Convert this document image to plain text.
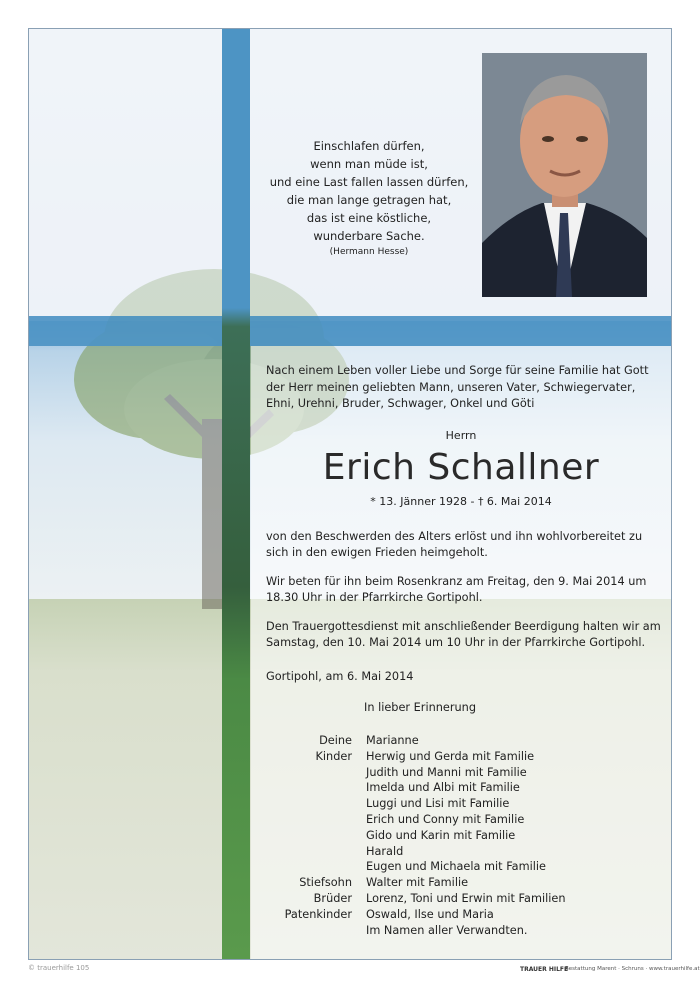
Einschlafen dürfen,
wenn man müde ist,
und eine Last fallen lassen dürfen,
die man lange getragen hat,
das ist eine köstliche,
wunderbare Sache.
(Hermann Hesse)
Nach einem Leben voller Liebe und Sorge für seine Familie hat Gott der Herr meinen geliebten Mann, unseren Vater, Schwiegervater, Ehni, Urehni, Bruder, Schwager, Onkel und Göti
Herrn
Erich Schallner
* 13. Jänner 1928 - † 6. Mai 2014
von den Beschwerden des Alters erlöst und ihn wohlvorbereitet zu sich in den ewigen Frieden heimgeholt.
Wir beten für ihn beim Rosenkranz am Freitag, den 9. Mai 2014 um 18.30 Uhr in der Pfarrkirche Gortipohl.
Den Trauergottesdienst mit anschließender Beerdigung halten wir am Samstag, den 10. Mai 2014 um 10 Uhr in der Pfarrkirche Gortipohl.
Gortipohl, am 6. Mai 2014
In lieber Erinnerung
Deine	Marianne
Kinder	Herwig und Gerda mit Familie
Judith und Manni mit Familie
Imelda und Albi mit Familie
Luggi und Lisi mit Familie
Erich und Conny mit Familie
Gido und Karin mit Familie
Harald
Eugen und Michaela mit Familie
Stiefsohn	Walter mit Familie
Brüder	Lorenz, Toni und Erwin mit Familien
Patenkinder	Oswald, Ilse und Maria
Im Namen aller Verwandten.
© trauerhilfe 105	TRAUER HILFE
Bestattung Marent · Schruns · www.trauerhilfe.at
